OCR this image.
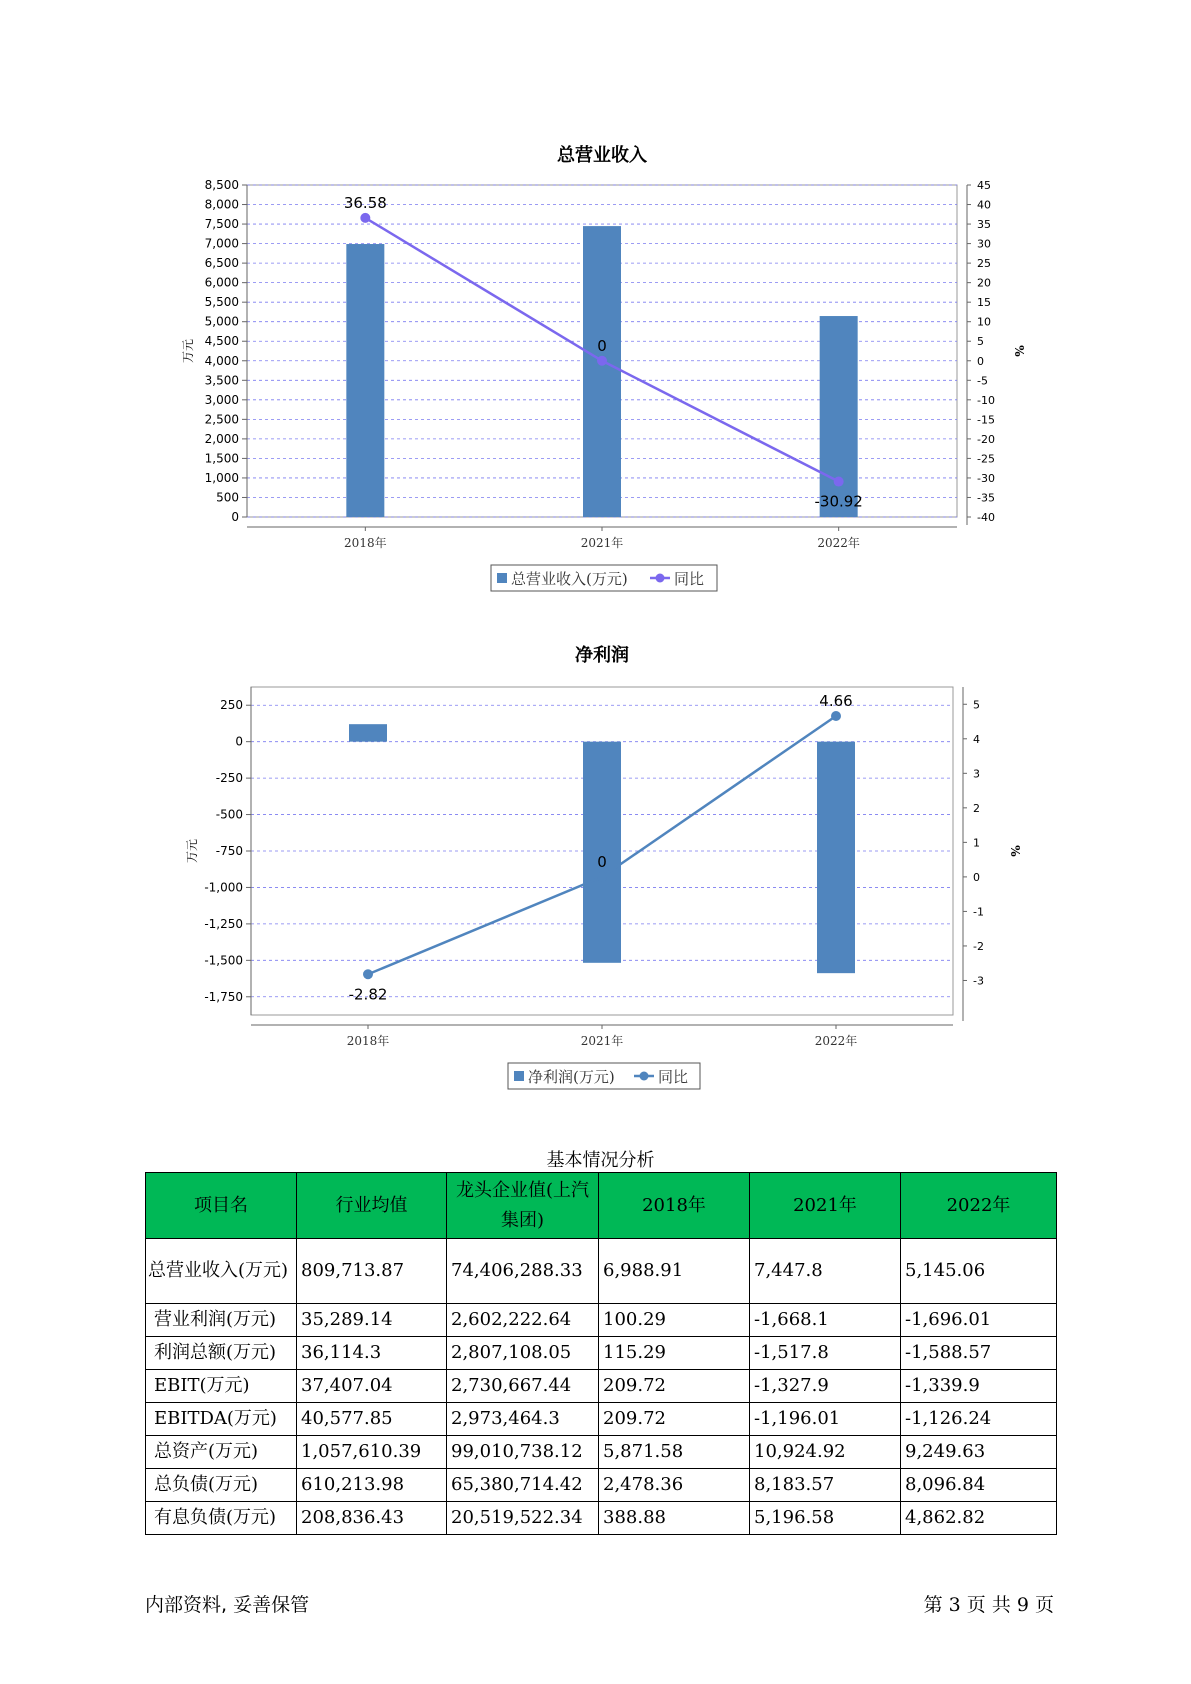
总营业收入
8,500
8,000
7,500
7,000
6,500
6,000
5,500
5,000
4,500
4,000
3,500
3,000
2,500
2,000
1,500
1,000
500
0
45
40
35
30
25
20
15
10
5
0
-5
-10
-15
-20
-25
-30
-35
-40
万元	%
2018年	2021年	2022年
36.58
0
-30.92
总营业收入(万元)	同比
净利润
250
0
-250
-500
-750
-1,000
-1,250
-1,500
-1,750
5
4
3
2
1
0
-1
-2
-3
万元	%
2018年	2021年	2022年
-2.82
0
4.66
净利润(万元)	同比
基本情况分析
项目名	行业均值	龙头企业值(上汽集团)	2018年	2021年	2022年
总营业收入(万元)	809,713.87	74,406,288.33	6,988.91	7,447.8	5,145.06
营业利润(万元)	35,289.14	2,602,222.64	100.29	-1,668.1	-1,696.01
利润总额(万元)	36,114.3	2,807,108.05	115.29	-1,517.8	-1,588.57
EBIT(万元)	37,407.04	2,730,667.44	209.72	-1,327.9	-1,339.9
EBITDA(万元)	40,577.85	2,973,464.3	209.72	-1,196.01	-1,126.24
总资产(万元)	1,057,610.39	99,010,738.12	5,871.58	10,924.92	9,249.63
总负债(万元)	610,213.98	65,380,714.42	2,478.36	8,183.57	8,096.84
有息负债(万元)	208,836.43	20,519,522.34	388.88	5,196.58	4,862.82
内部资料, 妥善保管	第 3 页 共 9 页
